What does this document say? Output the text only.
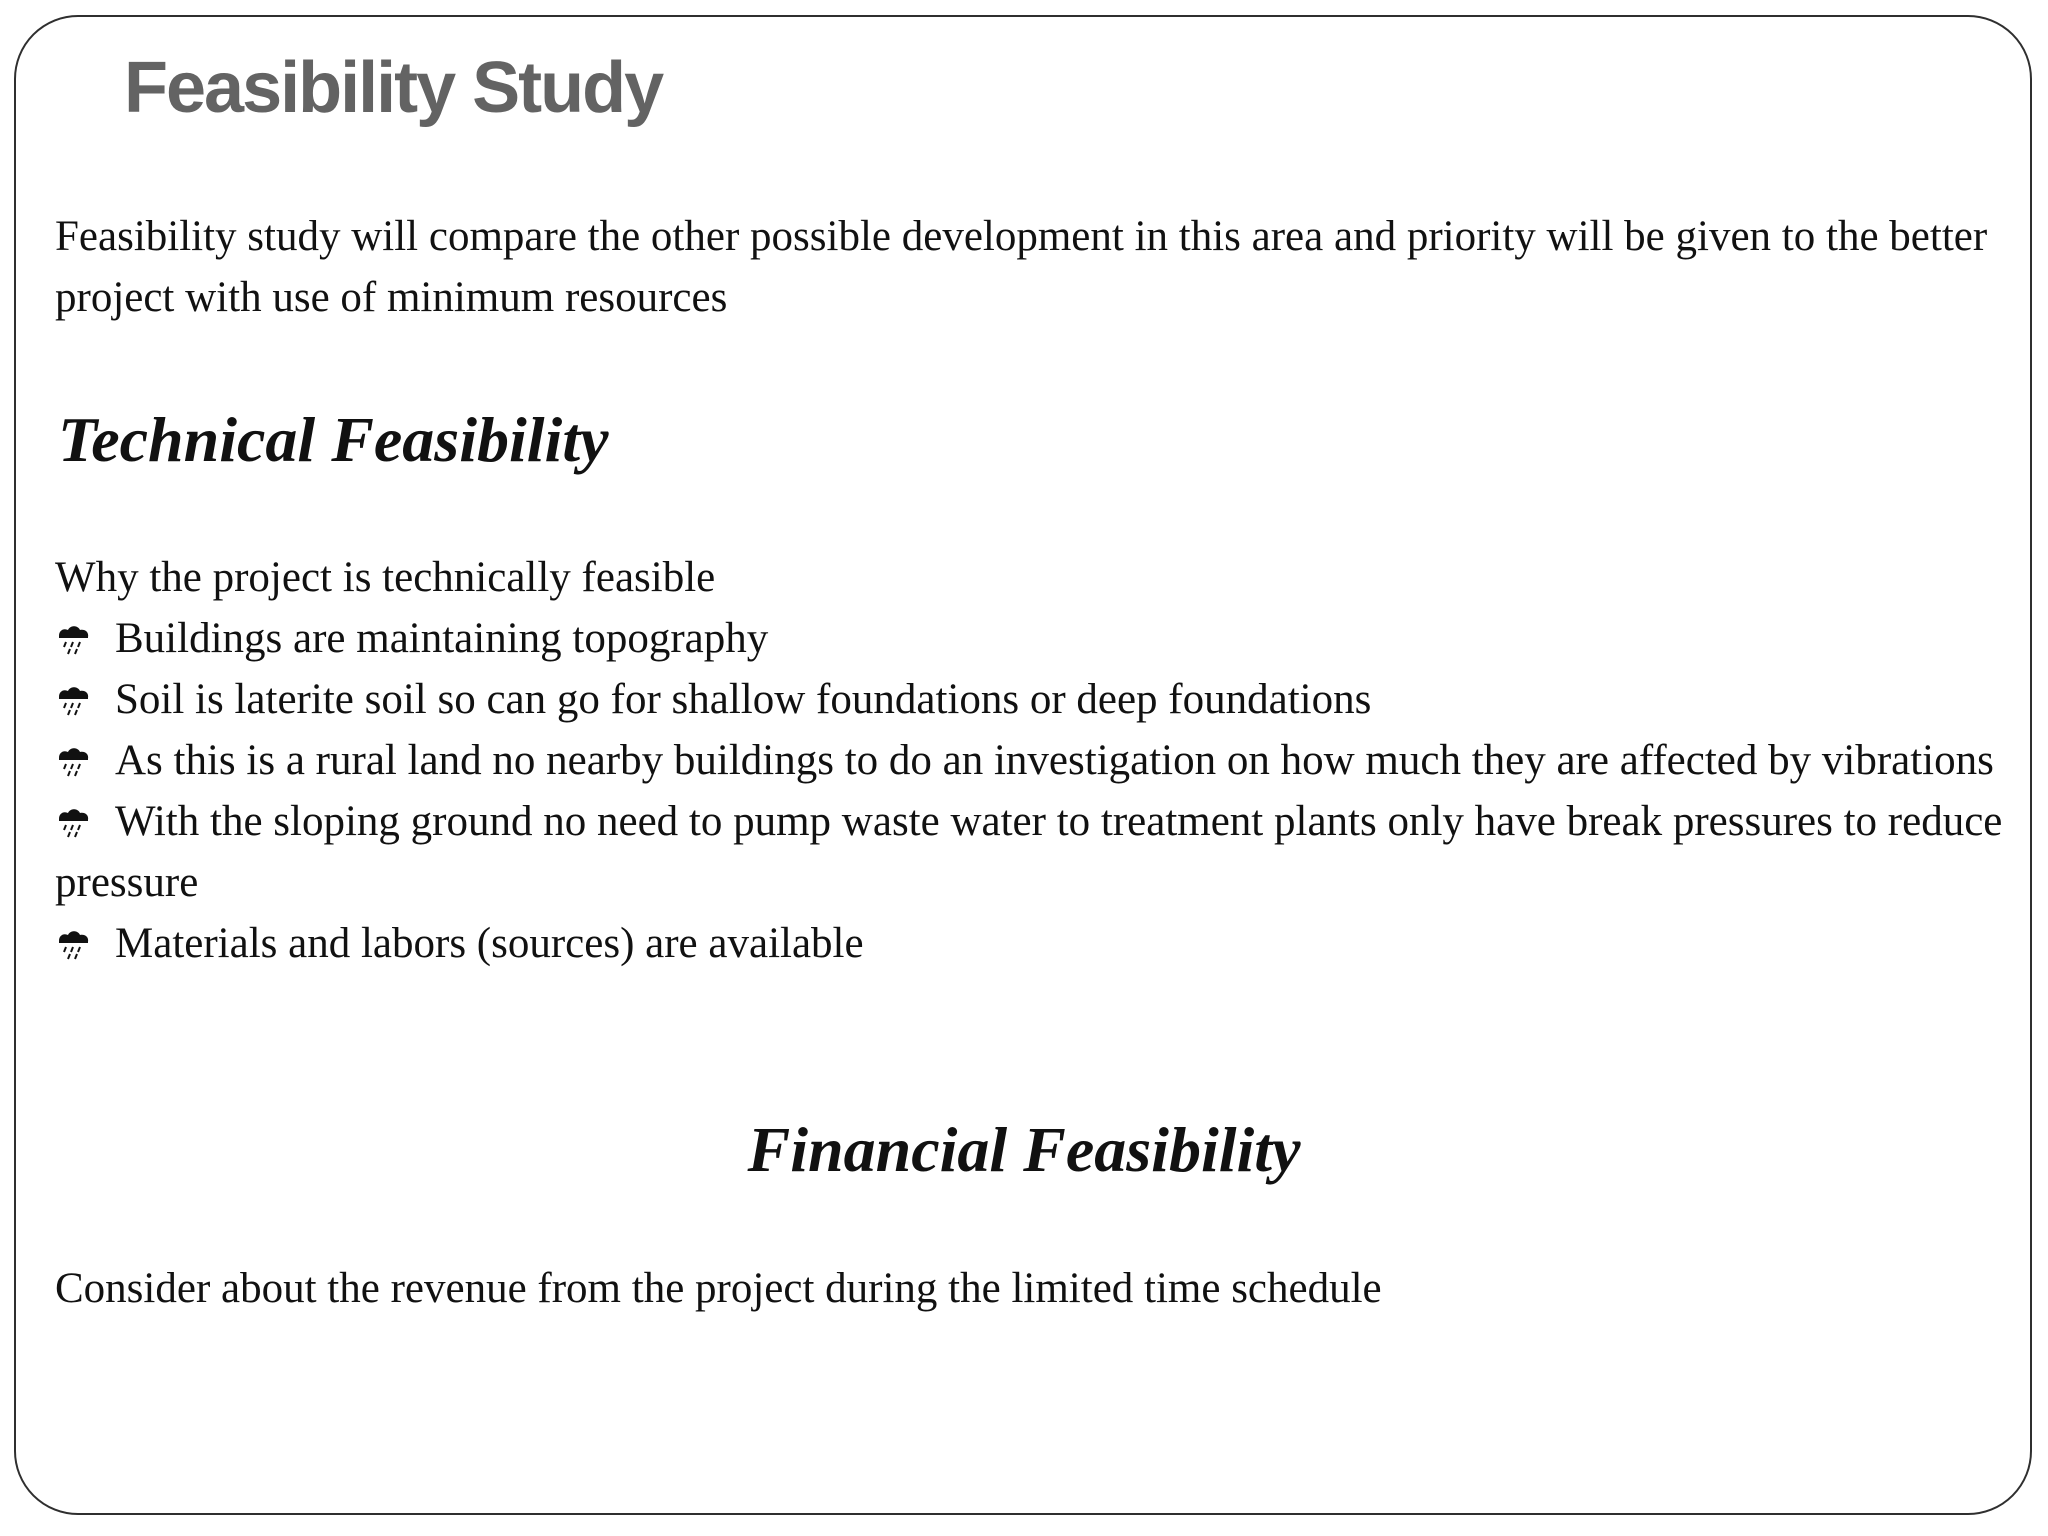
Feasibility Study

Feasibility study will compare the other possible development in this area and priority will be given to the better project with use of minimum resources

Technical Feasibility

Why the project is technically feasible

Buildings are maintaining topography
Soil is laterite soil so can go for shallow foundations or deep foundations
As this is a rural land no nearby buildings to do an investigation on how much they are affected by vibrations
With the sloping ground no need to pump waste water to treatment plants only have break pressures to reduce pressure
Materials and labors (sources) are available
Financial Feasibility

Consider about the revenue from the project during the limited time schedule
